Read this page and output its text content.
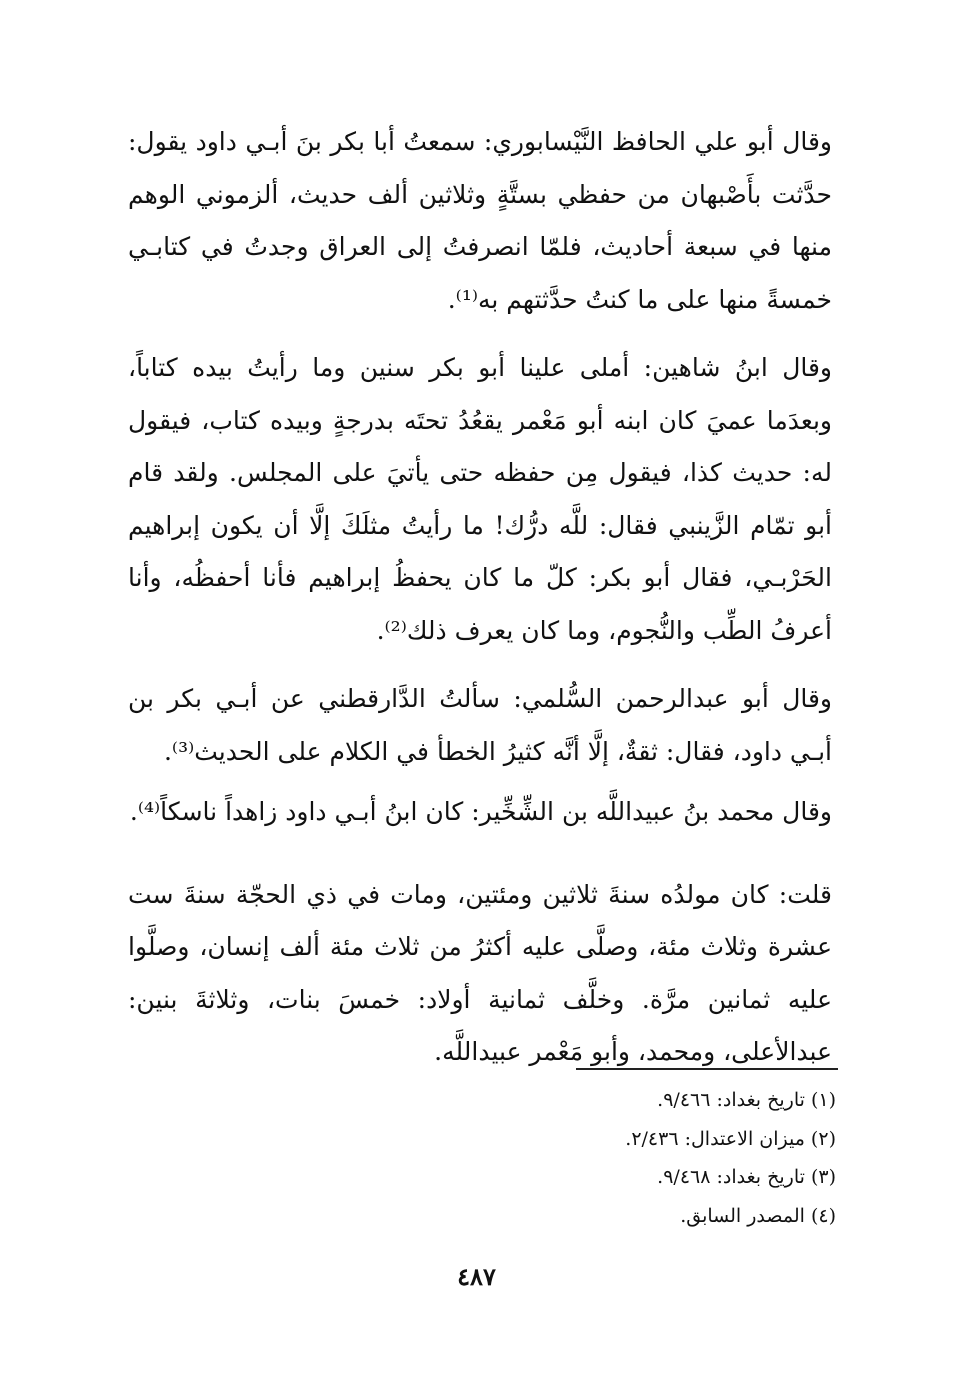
وقال أبو علي الحافظ النَّيْسابوري: سمعتُ أبا بكر بنَ أبـي داود يقول: حدَّثت بأَصْبهان من حفظي بستَّةٍ وثلاثين ألف حديث، ألزموني الوهم منها في سبعة أحاديث، فلمّا انصرفتُ إلى العراق وجدتُ في كتابـي خمسةً منها على ما كنتُ حدَّثتهم به⁽¹⁾.

وقال ابنُ شاهين: أملى علينا أبو بكر سنين وما رأيتُ بيده كتاباً، وبعدَما عميَ كان ابنه أبو مَعْمر يقعُدُ تحتَه بدرجةٍ وبيده كتاب، فيقول له: حديث كذا، فيقول مِن حفظه حتى يأتيَ على المجلس. ولقد قام أبو تمّام الزَّينبي فقال: للَّه درُّك! ما رأيتُ مثلَكَ إلَّا أن يكون إبراهيم الحَرْبـي، فقال أبو بكر: كلّ ما كان يحفظُ إبراهيم فأنا أحفظُه، وأنا أعرفُ الطِّب والنُّجوم، وما كان يعرف ذلك⁽²⁾.

وقال أبو عبدالرحمن السُّلمي: سألتُ الدَّارقطني عن أبـي بكر بن أبـي داود، فقال: ثقةٌ، إلَّا أنَّه كثيرُ الخطأ في الكلام على الحديث⁽³⁾.

وقال محمد بنُ عبيداللَّه بن الشِّخِّير: كان ابنُ أبـي داود زاهداً ناسكاً⁽⁴⁾.

قلت: كان مولدُه سنةَ ثلاثين ومئتين، ومات في ذي الحجّة سنةَ ست عشرة وثلاث مئة، وصلَّى عليه أكثرُ من ثلاث مئة ألف إنسان، وصلَّوا عليه ثمانين مرَّة. وخلَّف ثمانية أولاد: خمسَ بنات، وثلاثةَ بنين: عبدالأعلى، ومحمد، وأبو مَعْمر عبيداللَّه.

(١) تاريخ بغداد: ٩/٤٦٦.

(٢) ميزان الاعتدال: ٢/٤٣٦.

(٣) تاريخ بغداد: ٩/٤٦٨.

(٤) المصدر السابق.

٤٨٧
